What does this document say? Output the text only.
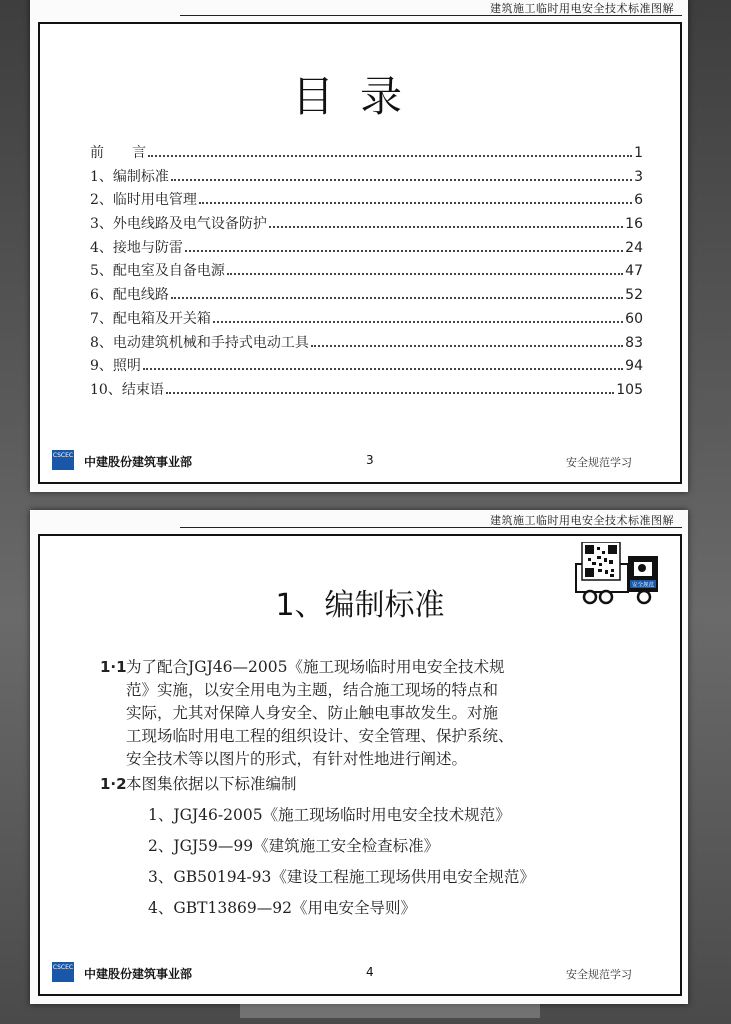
建筑施工临时用电安全技术标准图解
目录
前　　言	1
1、编制标准	3
2、临时用电管理	6
3、外电线路及电气设备防护	16
4、接地与防雷	24
5、配电室及自备电源	47
6、配电线路	52
7、配电箱及开关箱	60
8、电动建筑机械和手持式电动工具	83
9、照明	94
10、结束语	105
CSCEC 中建股份建筑事业部	3	安全规范学习
建筑施工临时用电安全技术标准图解
安全规范
1、编制标准
1·1 为了配合JGJ46—2005《施工现场临时用电安全技术规
范》实施，以安全用电为主题，结合施工现场的特点和
实际，尤其对保障人身安全、防止触电事故发生。对施
工现场临时用电工程的组织设计、安全管理、保护系统、
安全技术等以图片的形式，有针对性地进行阐述。
1·2 本图集依据以下标准编制
1、JGJ46-2005《施工现场临时用电安全技术规范》
2、JGJ59—99《建筑施工安全检查标准》
3、GB50194-93《建设工程施工现场供用电安全规范》
4、GBT13869—92《用电安全导则》
CSCEC 中建股份建筑事业部	4	安全规范学习
